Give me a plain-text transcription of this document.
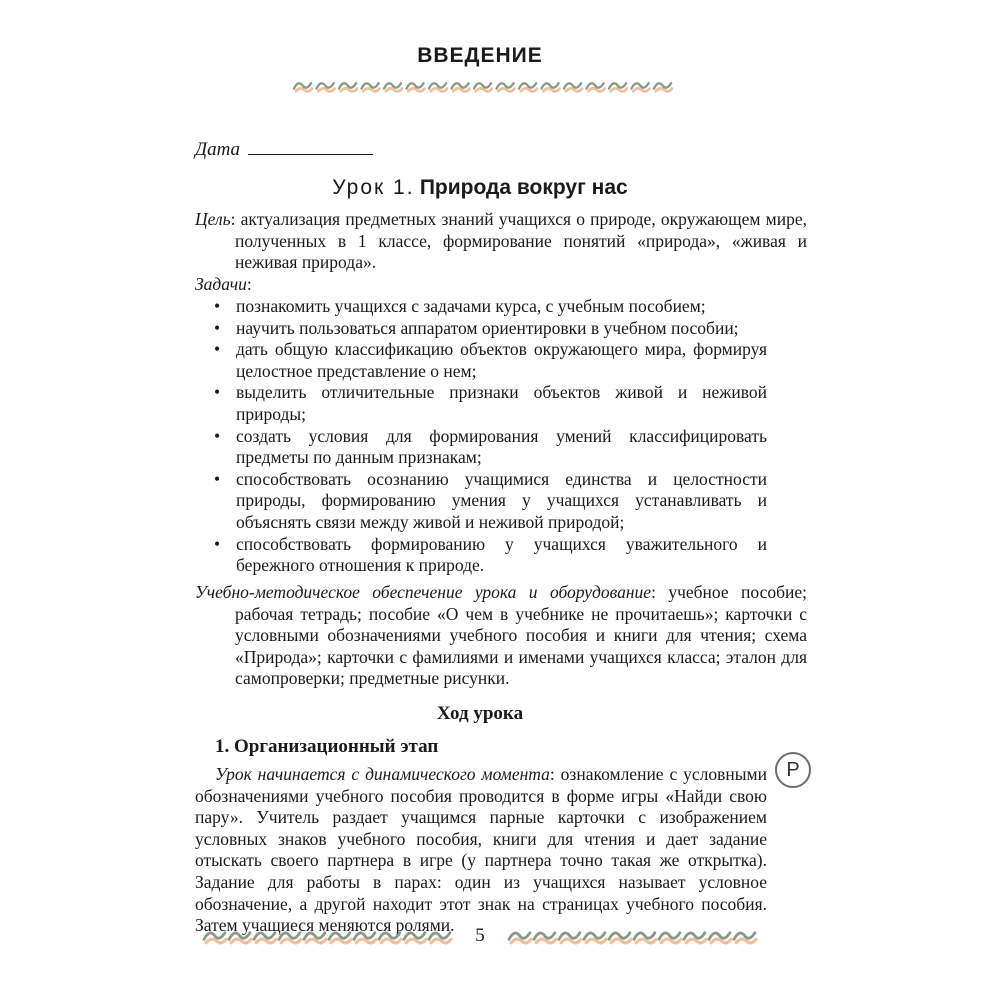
ВВЕДЕНИЕ
Дата
Урок 1. Природа вокруг нас
Цель: актуализация предметных знаний учащихся о природе, окружающем мире, полученных в 1 классе, формирование понятий «природа», «живая и неживая природа».
Задачи:
• познакомить учащихся с задачами курса, с учебным пособием;
• научить пользоваться аппаратом ориентировки в учебном пособии;
• дать общую классификацию объектов окружающего мира, формируя целостное представление о нем;
• выделить отличительные признаки объектов живой и неживой природы;
• создать условия для формирования умений классифицировать предметы по данным признакам;
• способствовать осознанию учащимися единства и целостности природы, формированию умения у учащихся устанавливать и объяснять связи между живой и неживой природой;
• способствовать формированию у учащихся уважительного и бережного отношения к природе.
Учебно-методическое обеспечение урока и оборудование: учебное пособие; рабочая тетрадь; пособие «О чем в учебнике не прочитаешь»; карточки с условными обозначениями учебного пособия и книги для чтения; схема «Природа»; карточки с фамилиями и именами учащихся класса; эталон для самопроверки; предметные рисунки.
Ход урока
1. Организационный этап
Р
Урок начинается с динамического момента: ознакомление с условными обозначениями учебного пособия проводится в форме игры «Найди свою пару». Учитель раздает учащимся парные карточки с изображением условных знаков учебного пособия, книги для чтения и дает задание отыскать своего партнера в игре (у партнера точно такая же открытка). Задание для работы в парах: один из учащихся называет условное обозначение, а другой находит этот знак на страницах учебного пособия. Затем учащиеся меняются ролями.	5
